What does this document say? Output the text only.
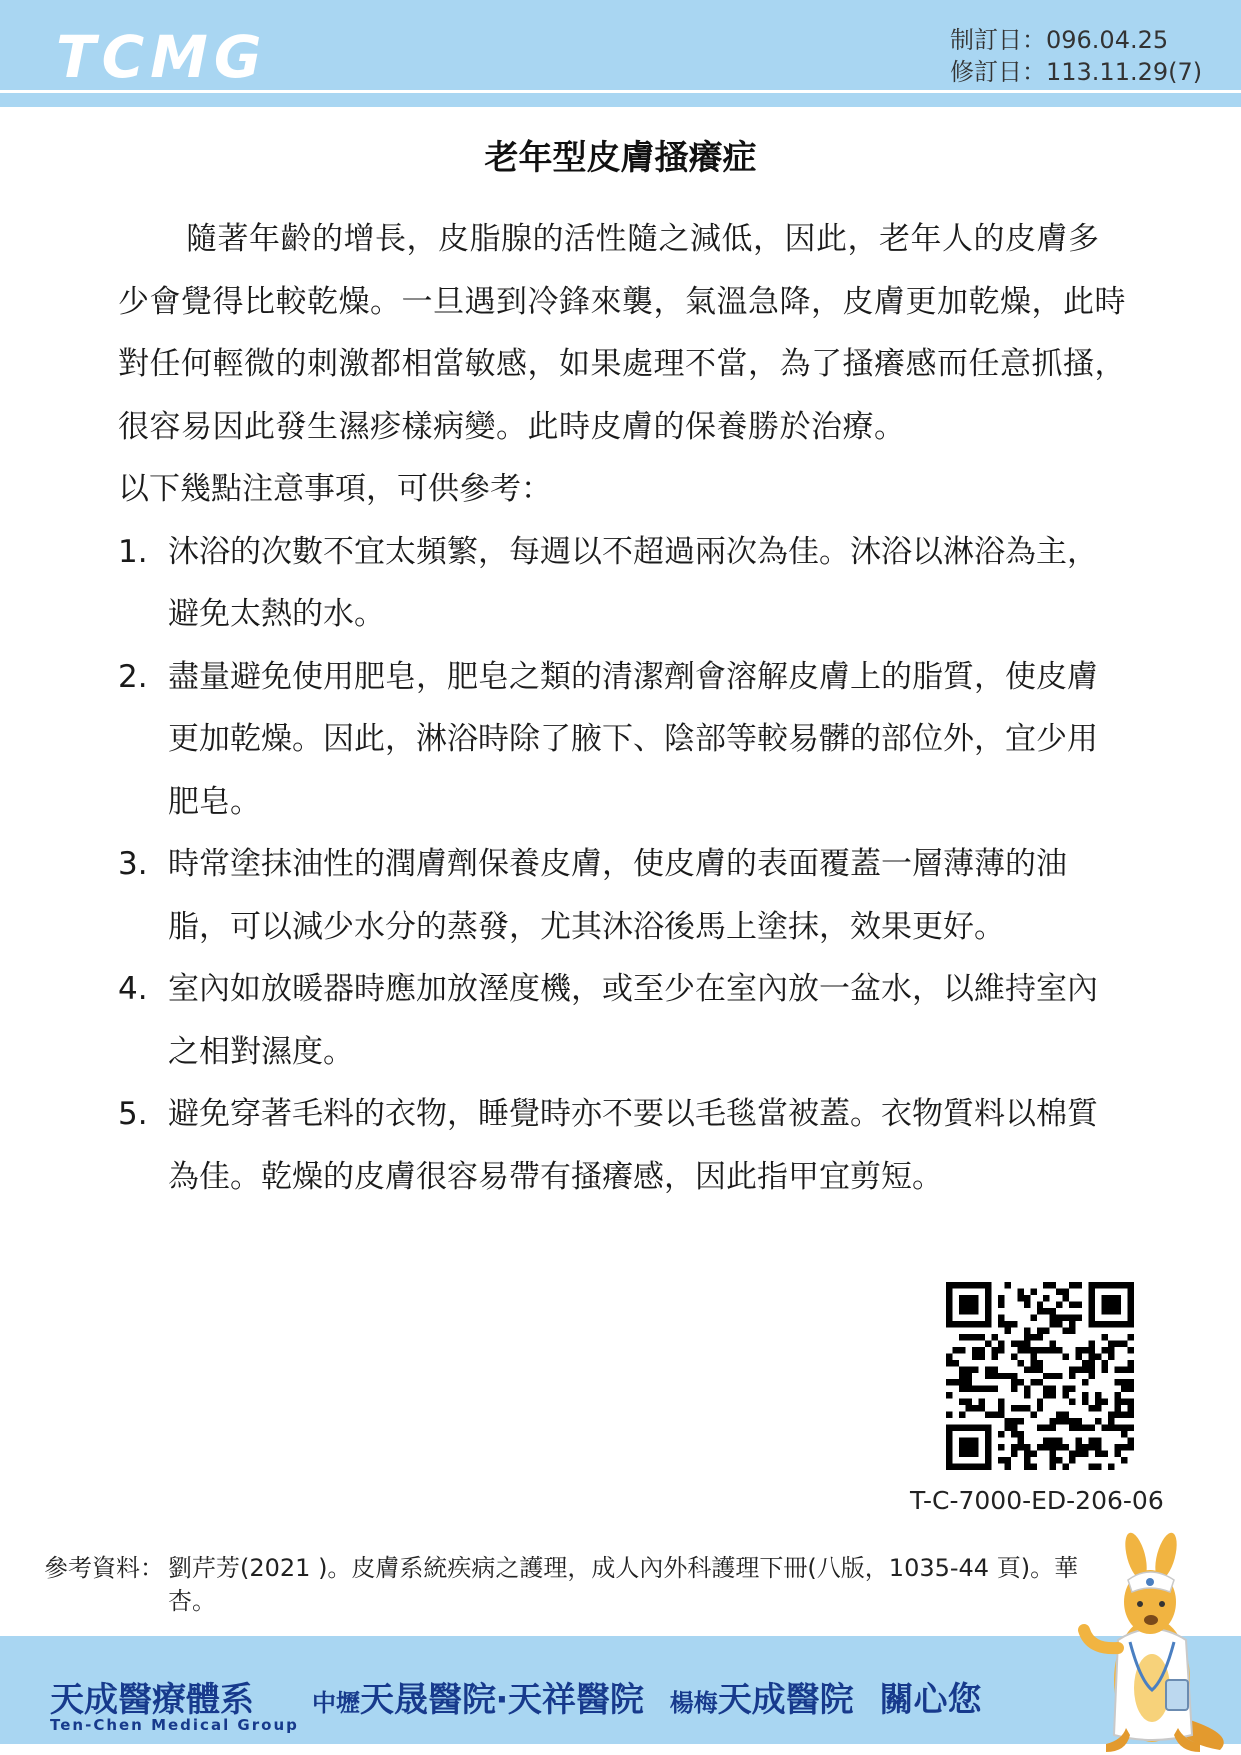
TCMG	制訂日：096.04.25
修訂日：113.11.29(7)
老年型皮膚搔癢症

隨著年齡的增長，皮脂腺的活性隨之減低，因此，老年人的皮膚多少會覺得比較乾燥。一旦遇到冷鋒來襲，氣溫急降，皮膚更加乾燥，此時對任何輕微的刺激都相當敏感，如果處理不當，為了搔癢感而任意抓搔，很容易因此發生濕疹樣病變。此時皮膚的保養勝於治療。

以下幾點注意事項，可供參考：

1. 沐浴的次數不宜太頻繁，每週以不超過兩次為佳。沐浴以淋浴為主，避免太熱的水。
2. 盡量避免使用肥皂，肥皂之類的清潔劑會溶解皮膚上的脂質，使皮膚更加乾燥。因此，淋浴時除了腋下、陰部等較易髒的部位外，宜少用肥皂。
3. 時常塗抹油性的潤膚劑保養皮膚，使皮膚的表面覆蓋一層薄薄的油脂，可以減少水分的蒸發，尤其沐浴後馬上塗抹，效果更好。
4. 室內如放暖器時應加放溼度機，或至少在室內放一盆水，以維持室內之相對濕度。
5. 避免穿著毛料的衣物，睡覺時亦不要以毛毯當被蓋。衣物質料以棉質為佳。乾燥的皮膚很容易帶有搔癢感，因此指甲宜剪短。
T-C-7000-ED-206-06
參考資料： 劉芹芳(2021 )。皮膚系統疾病之護理，成人內外科護理下冊(八版，1035-44 頁)。華杏。
天成醫療體系
Ten-Chen Medical Group
中壢天晟醫院‧天祥醫院 楊梅天成醫院 關心您
